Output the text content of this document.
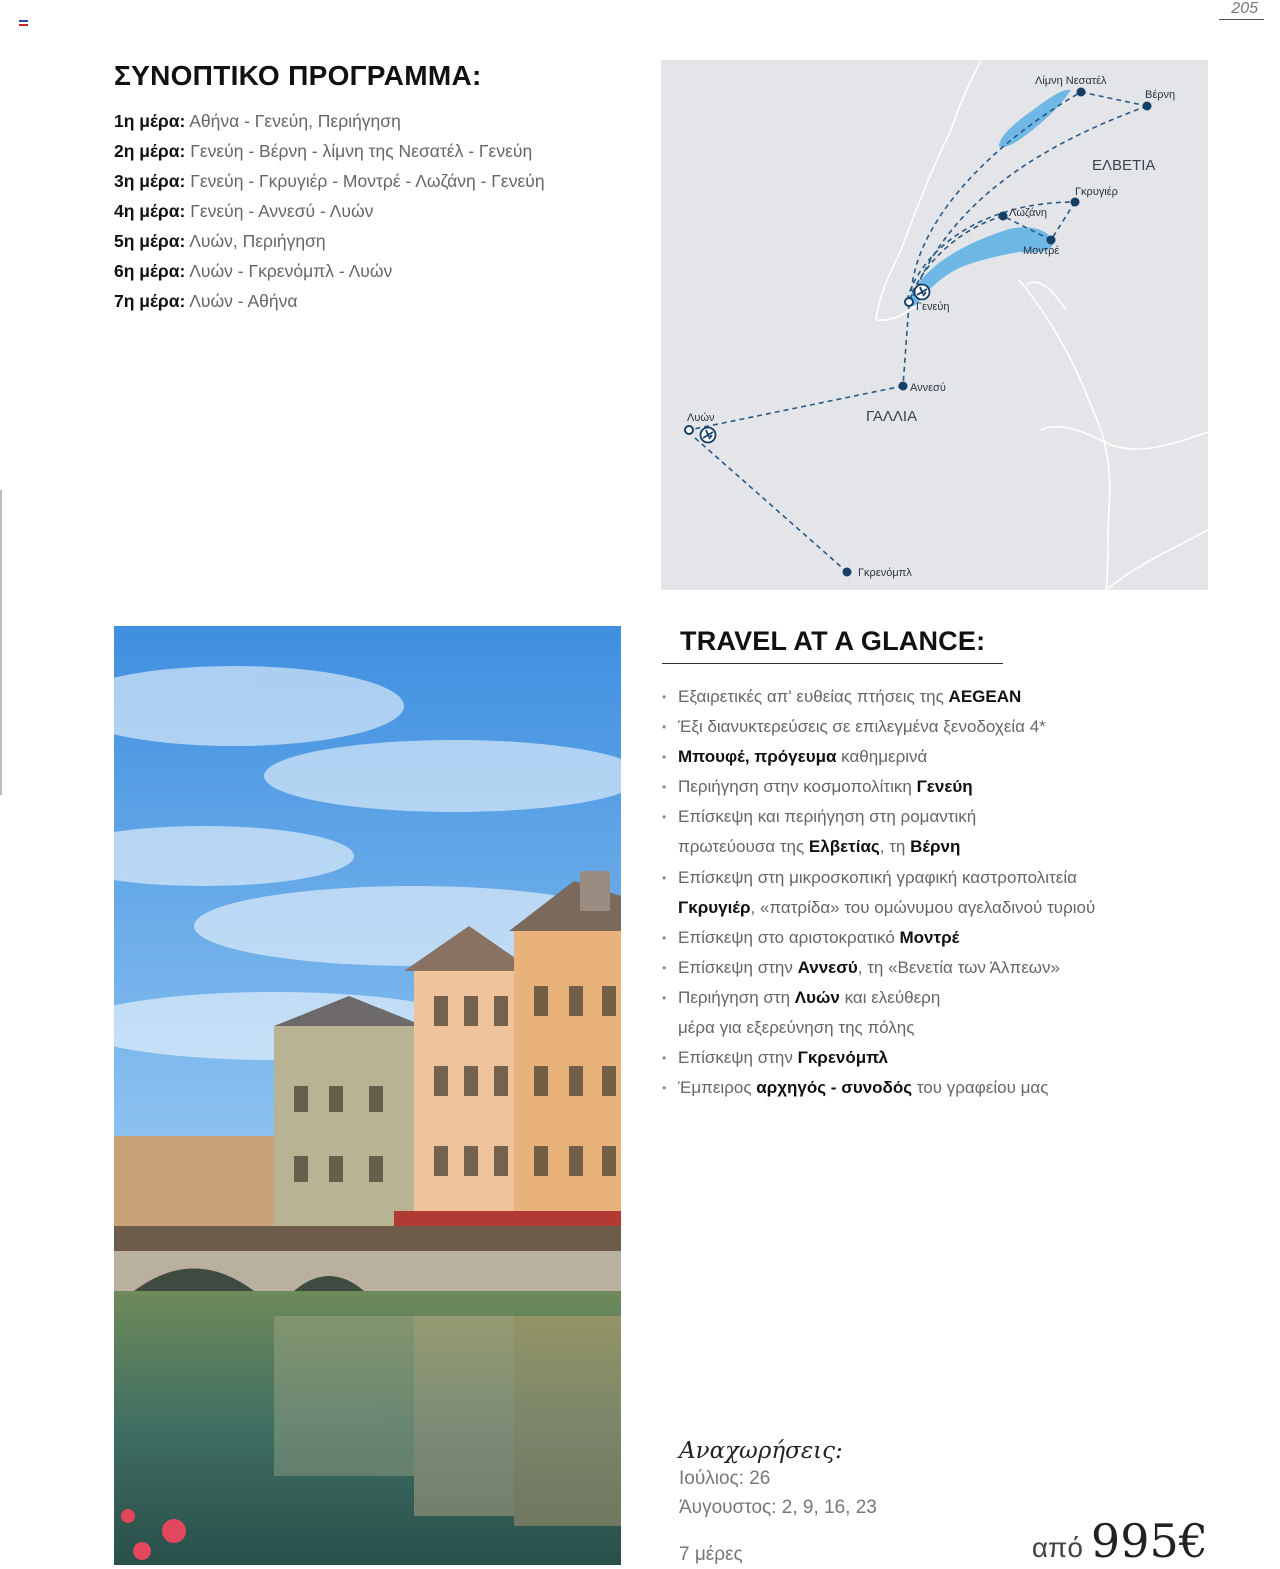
205
ΣΥΝΟΠΤΙΚΟ ΠΡΟΓΡΑΜΜΑ:
1η μέρα: Αθήνα - Γενεύη, Περιήγηση
2η μέρα: Γενεύη - Βέρνη - λίμνη της Νεσατέλ - Γενεύη
3η μέρα: Γενεύη - Γκρυγιέρ - Μοντρέ - Λωζάνη - Γενεύη
4η μέρα: Γενεύη - Αννεσύ - Λυών
5η μέρα: Λυών, Περιήγηση
6η μέρα: Λυών - Γκρενόμπλ - Λυών
7η μέρα: Λυών - Αθήνα
Λίμνη Νεσατέλ
Βέρνη
Γκρυγιέρ
Λωζάνη
Μοντρέ
Γενεύη
Αννεσύ
Λυών
Γκρενόμπλ
ΕΛΒΕΤΙΑ
ΓΑΛΛΙΑ
TRAVEL AT A GLANCE:
• Εξαιρετικές απ' ευθείας πτήσεις της AEGEAN
• Έξι διανυκτερεύσεις σε επιλεγμένα ξενοδοχεία 4*
• Μπουφέ, πρόγευμα καθημερινά
• Περιήγηση στην κοσμοπολίτικη Γενεύη
• Επίσκεψη και περιήγηση στη ρομαντική
πρωτεύουσα της Ελβετίας, τη Βέρνη
• Επίσκεψη στη μικροσκοπική γραφική καστροπολιτεία
Γκρυγιέρ, «πατρίδα» του ομώνυμου αγελαδινού τυριού
• Επίσκεψη στο αριστοκρατικό Μοντρέ
• Επίσκεψη στην Αννεσύ, τη «Βενετία των Άλπεων»
• Περιήγηση στη Λυών και ελεύθερη
μέρα για εξερεύνηση της πόλης
• Επίσκεψη στην Γκρενόμπλ
• Έμπειρος αρχηγός - συνοδός του γραφείου μας
Αναχωρήσεις:
Ιούλιος: 26
Άυγουστος: 2, 9, 16, 23
7 μέρες	από 995€
